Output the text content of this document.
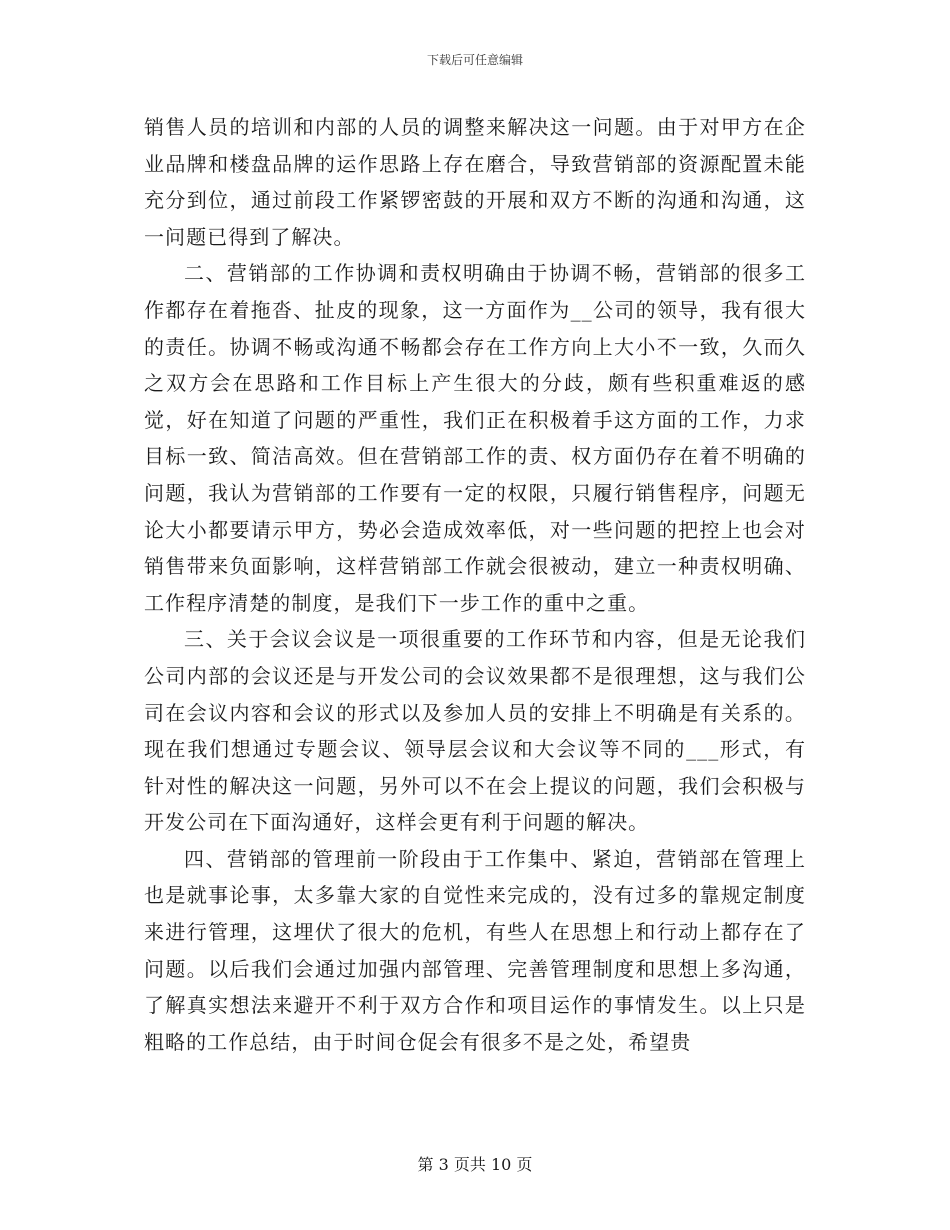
下载后可任意编辑

销售人员的培训和内部的人员的调整来解决这一问题。由于对甲方在企业品牌和楼盘品牌的运作思路上存在磨合，导致营销部的资源配置未能充分到位，通过前段工作紧锣密鼓的开展和双方不断的沟通和沟通，这一问题已得到了解决。

二、营销部的工作协调和责权明确由于协调不畅，营销部的很多工作都存在着拖沓、扯皮的现象，这一方面作为__公司的领导，我有很大的责任。协调不畅或沟通不畅都会存在工作方向上大小不一致，久而久之双方会在思路和工作目标上产生很大的分歧，颇有些积重难返的感觉，好在知道了问题的严重性，我们正在积极着手这方面的工作，力求目标一致、简洁高效。但在营销部工作的责、权方面仍存在着不明确的问题，我认为营销部的工作要有一定的权限，只履行销售程序，问题无论大小都要请示甲方，势必会造成效率低，对一些问题的把控上也会对销售带来负面影响，这样营销部工作就会很被动，建立一种责权明确、工作程序清楚的制度，是我们下一步工作的重中之重。

三、关于会议会议是一项很重要的工作环节和内容，但是无论我们公司内部的会议还是与开发公司的会议效果都不是很理想，这与我们公司在会议内容和会议的形式以及参加人员的安排上不明确是有关系的。现在我们想通过专题会议、领导层会议和大会议等不同的___形式，有针对性的解决这一问题，另外可以不在会上提议的问题，我们会积极与开发公司在下面沟通好，这样会更有利于问题的解决。

四、营销部的管理前一阶段由于工作集中、紧迫，营销部在管理上也是就事论事，太多靠大家的自觉性来完成的，没有过多的靠规定制度来进行管理，这埋伏了很大的危机，有些人在思想上和行动上都存在了问题。以后我们会通过加强内部管理、完善管理制度和思想上多沟通，了解真实想法来避开不利于双方合作和项目运作的事情发生。以上只是粗略的工作总结，由于时间仓促会有很多不是之处，希望贵

第 3 页共 10 页
